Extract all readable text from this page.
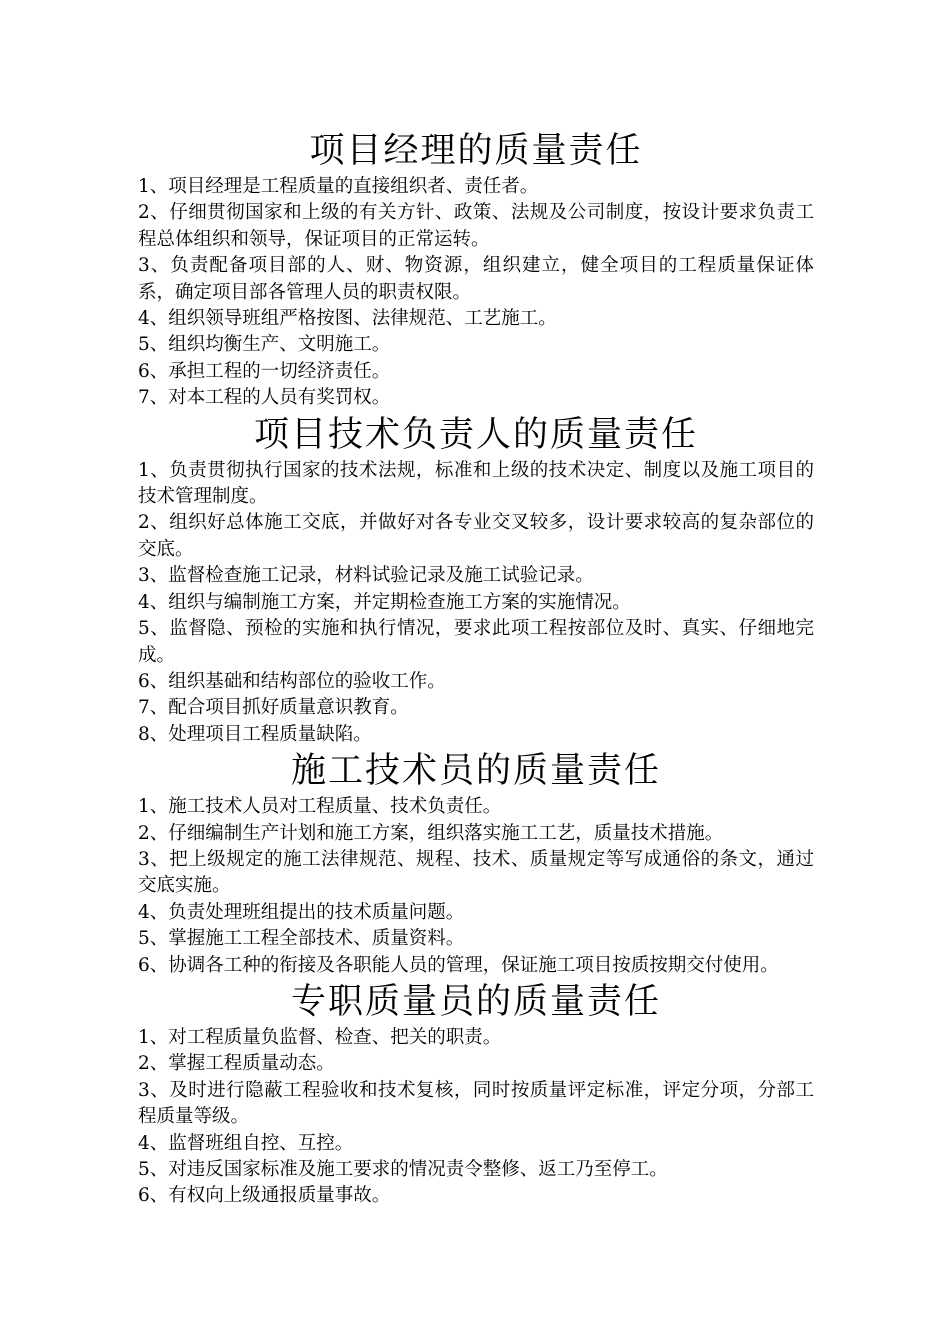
项目经理的质量责任

1、项目经理是工程质量的直接组织者、责任者。

2、仔细贯彻国家和上级的有关方针、政策、法规及公司制度，按设计要求负责工 程总体组织和领导，保证项目的正常运转。

3、负责配备项目部的人、财、物资源，组织建立，健全项目的工程质量保证体系，确定项目部各管理人员的职责权限。

4、组织领导班组严格按图、法律规范、工艺施工。

5、组织均衡生产、文明施工。

6、承担工程的一切经济责任。

7、对本工程的人员有奖罚权。

项目技术负责人的质量责任

1、负责贯彻执行国家的技术法规，标准和上级的技术决定、制度以及施工项目的技术管理制度。

2、组织好总体施工交底，并做好对各专业交叉较多，设计要求较高的复杂部位的交底。

3、监督检查施工记录，材料试验记录及施工试验记录。

4、组织与编制施工方案，并定期检查施工方案的实施情况。

5、监督隐、预检的实施和执行情况，要求此项工程按部位及时、真实、仔细地完成。

6、组织基础和结构部位的验收工作。

7、配合项目抓好质量意识教育。

8、处理项目工程质量缺陷。

施工技术员的质量责任

1、施工技术人员对工程质量、技术负责任。

2、仔细编制生产计划和施工方案，组织落实施工工艺，质量技术措施。

3、把上级规定的施工法律规范、规程、技术、质量规定等写成通俗的条文，通过交底实施。

4、负责处理班组提出的技术质量问题。

5、掌握施工工程全部技术、质量资料。

6、协调各工种的衔接及各职能人员的管理，保证施工项目按质按期交付使用。

专职质量员的质量责任

1、对工程质量负监督、检查、把关的职责。

2、掌握工程质量动态。

3、及时进行隐蔽工程验收和技术复核，同时按质量评定标准，评定分项，分部工程质量等级。

4、监督班组自控、互控。

5、对违反国家标准及施工要求的情况责令整修、返工乃至停工。

6、有权向上级通报质量事故。
